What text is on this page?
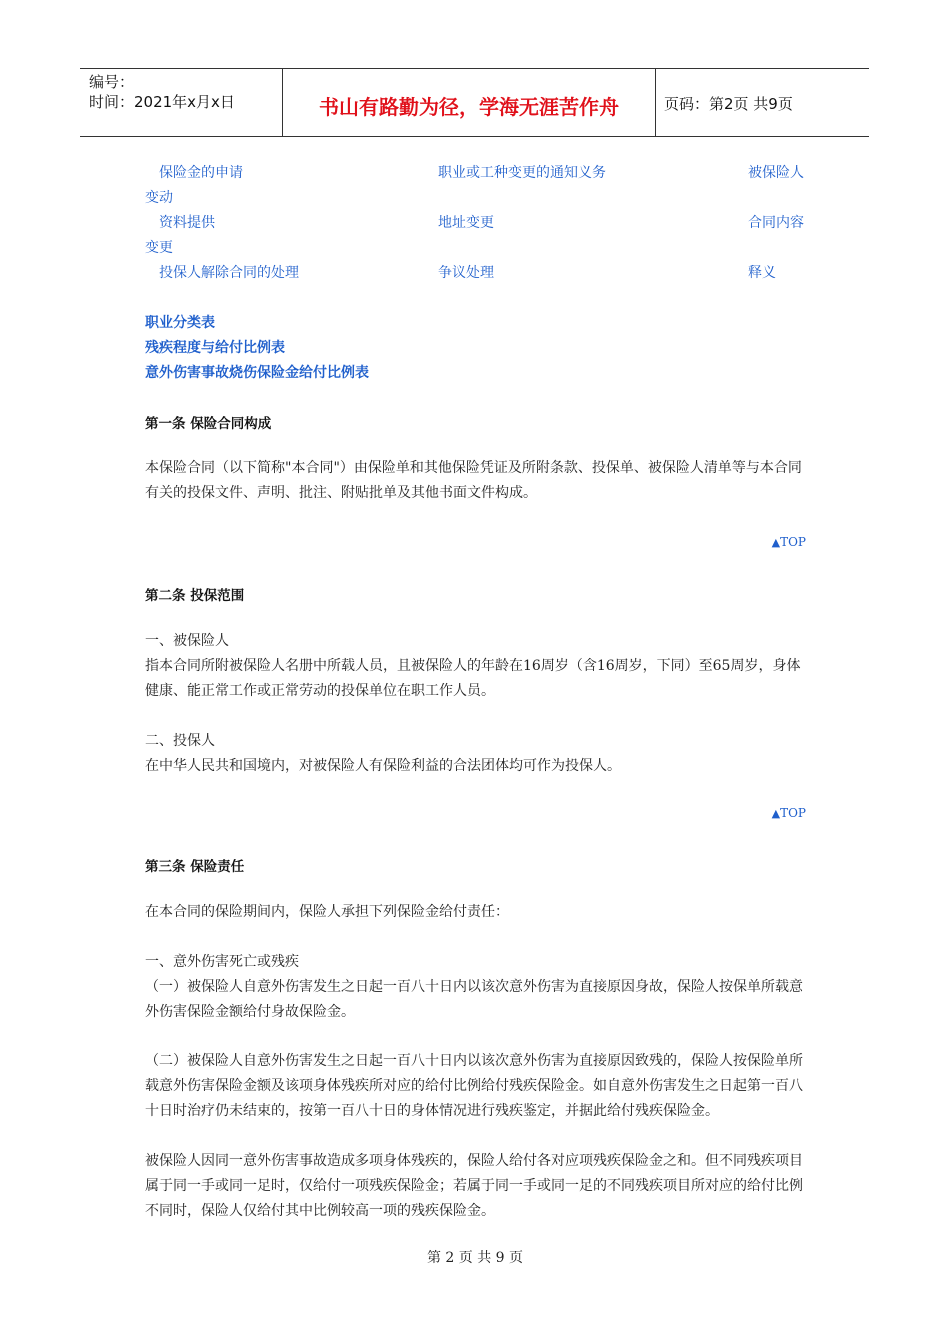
编号：
时间：2021年x月x日	书山有路勤为径，学海无涯苦作舟	页码：第2页 共9页
保险金的申请	职业或工种变更的通知义务	被保险人
变动
资料提供	地址变更	合同内容
变更
投保人解除合同的处理	争议处理	释义
职业分类表
残疾程度与给付比例表
意外伤害事故烧伤保险金给付比例表
第一条 保险合同构成
本保险合同（以下简称"本合同"）由保险单和其他保险凭证及所附条款、投保单、被保险人清单等与本合同有关的投保文件、声明、批注、附贴批单及其他书面文件构成。
▲TOP
第二条 投保范围
一、被保险人
指本合同所附被保险人名册中所载人员，且被保险人的年龄在16周岁（含16周岁，下同）至65周岁，身体健康、能正常工作或正常劳动的投保单位在职工作人员。
二、投保人
在中华人民共和国境内，对被保险人有保险利益的合法团体均可作为投保人。
▲TOP
第三条 保险责任
在本合同的保险期间内，保险人承担下列保险金给付责任：
一、意外伤害死亡或残疾
（一）被保险人自意外伤害发生之日起一百八十日内以该次意外伤害为直接原因身故，保险人按保单所载意外伤害保险金额给付身故保险金。
（二）被保险人自意外伤害发生之日起一百八十日内以该次意外伤害为直接原因致残的，保险人按保险单所载意外伤害保险金额及该项身体残疾所对应的给付比例给付残疾保险金。如自意外伤害发生之日起第一百八十日时治疗仍未结束的，按第一百八十日的身体情况进行残疾鉴定，并据此给付残疾保险金。
被保险人因同一意外伤害事故造成多项身体残疾的，保险人给付各对应项残疾保险金之和。但不同残疾项目属于同一手或同一足时，仅给付一项残疾保险金；若属于同一手或同一足的不同残疾项目所对应的给付比例不同时，保险人仅给付其中比例较高一项的残疾保险金。
第 2 页 共 9 页
